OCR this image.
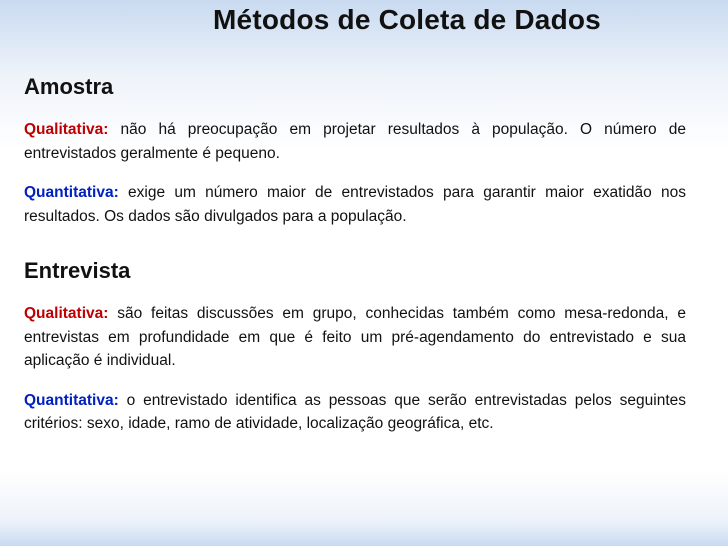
Métodos de Coleta de Dados

Amostra

Qualitativa: não há preocupação em projetar resultados à população. O número de entrevistados geralmente é pequeno.

Quantitativa: exige um número maior de entrevistados para garantir maior exatidão nos resultados. Os dados são divulgados para a população.

Entrevista

Qualitativa: são feitas discussões em grupo, conhecidas também como mesa-redonda, e entrevistas em profundidade em que é feito um pré-agendamento do entrevistado e sua aplicação é individual.

Quantitativa: o entrevistado identifica as pessoas que serão entrevistadas pelos seguintes critérios: sexo, idade, ramo de atividade, localização geográfica, etc.
